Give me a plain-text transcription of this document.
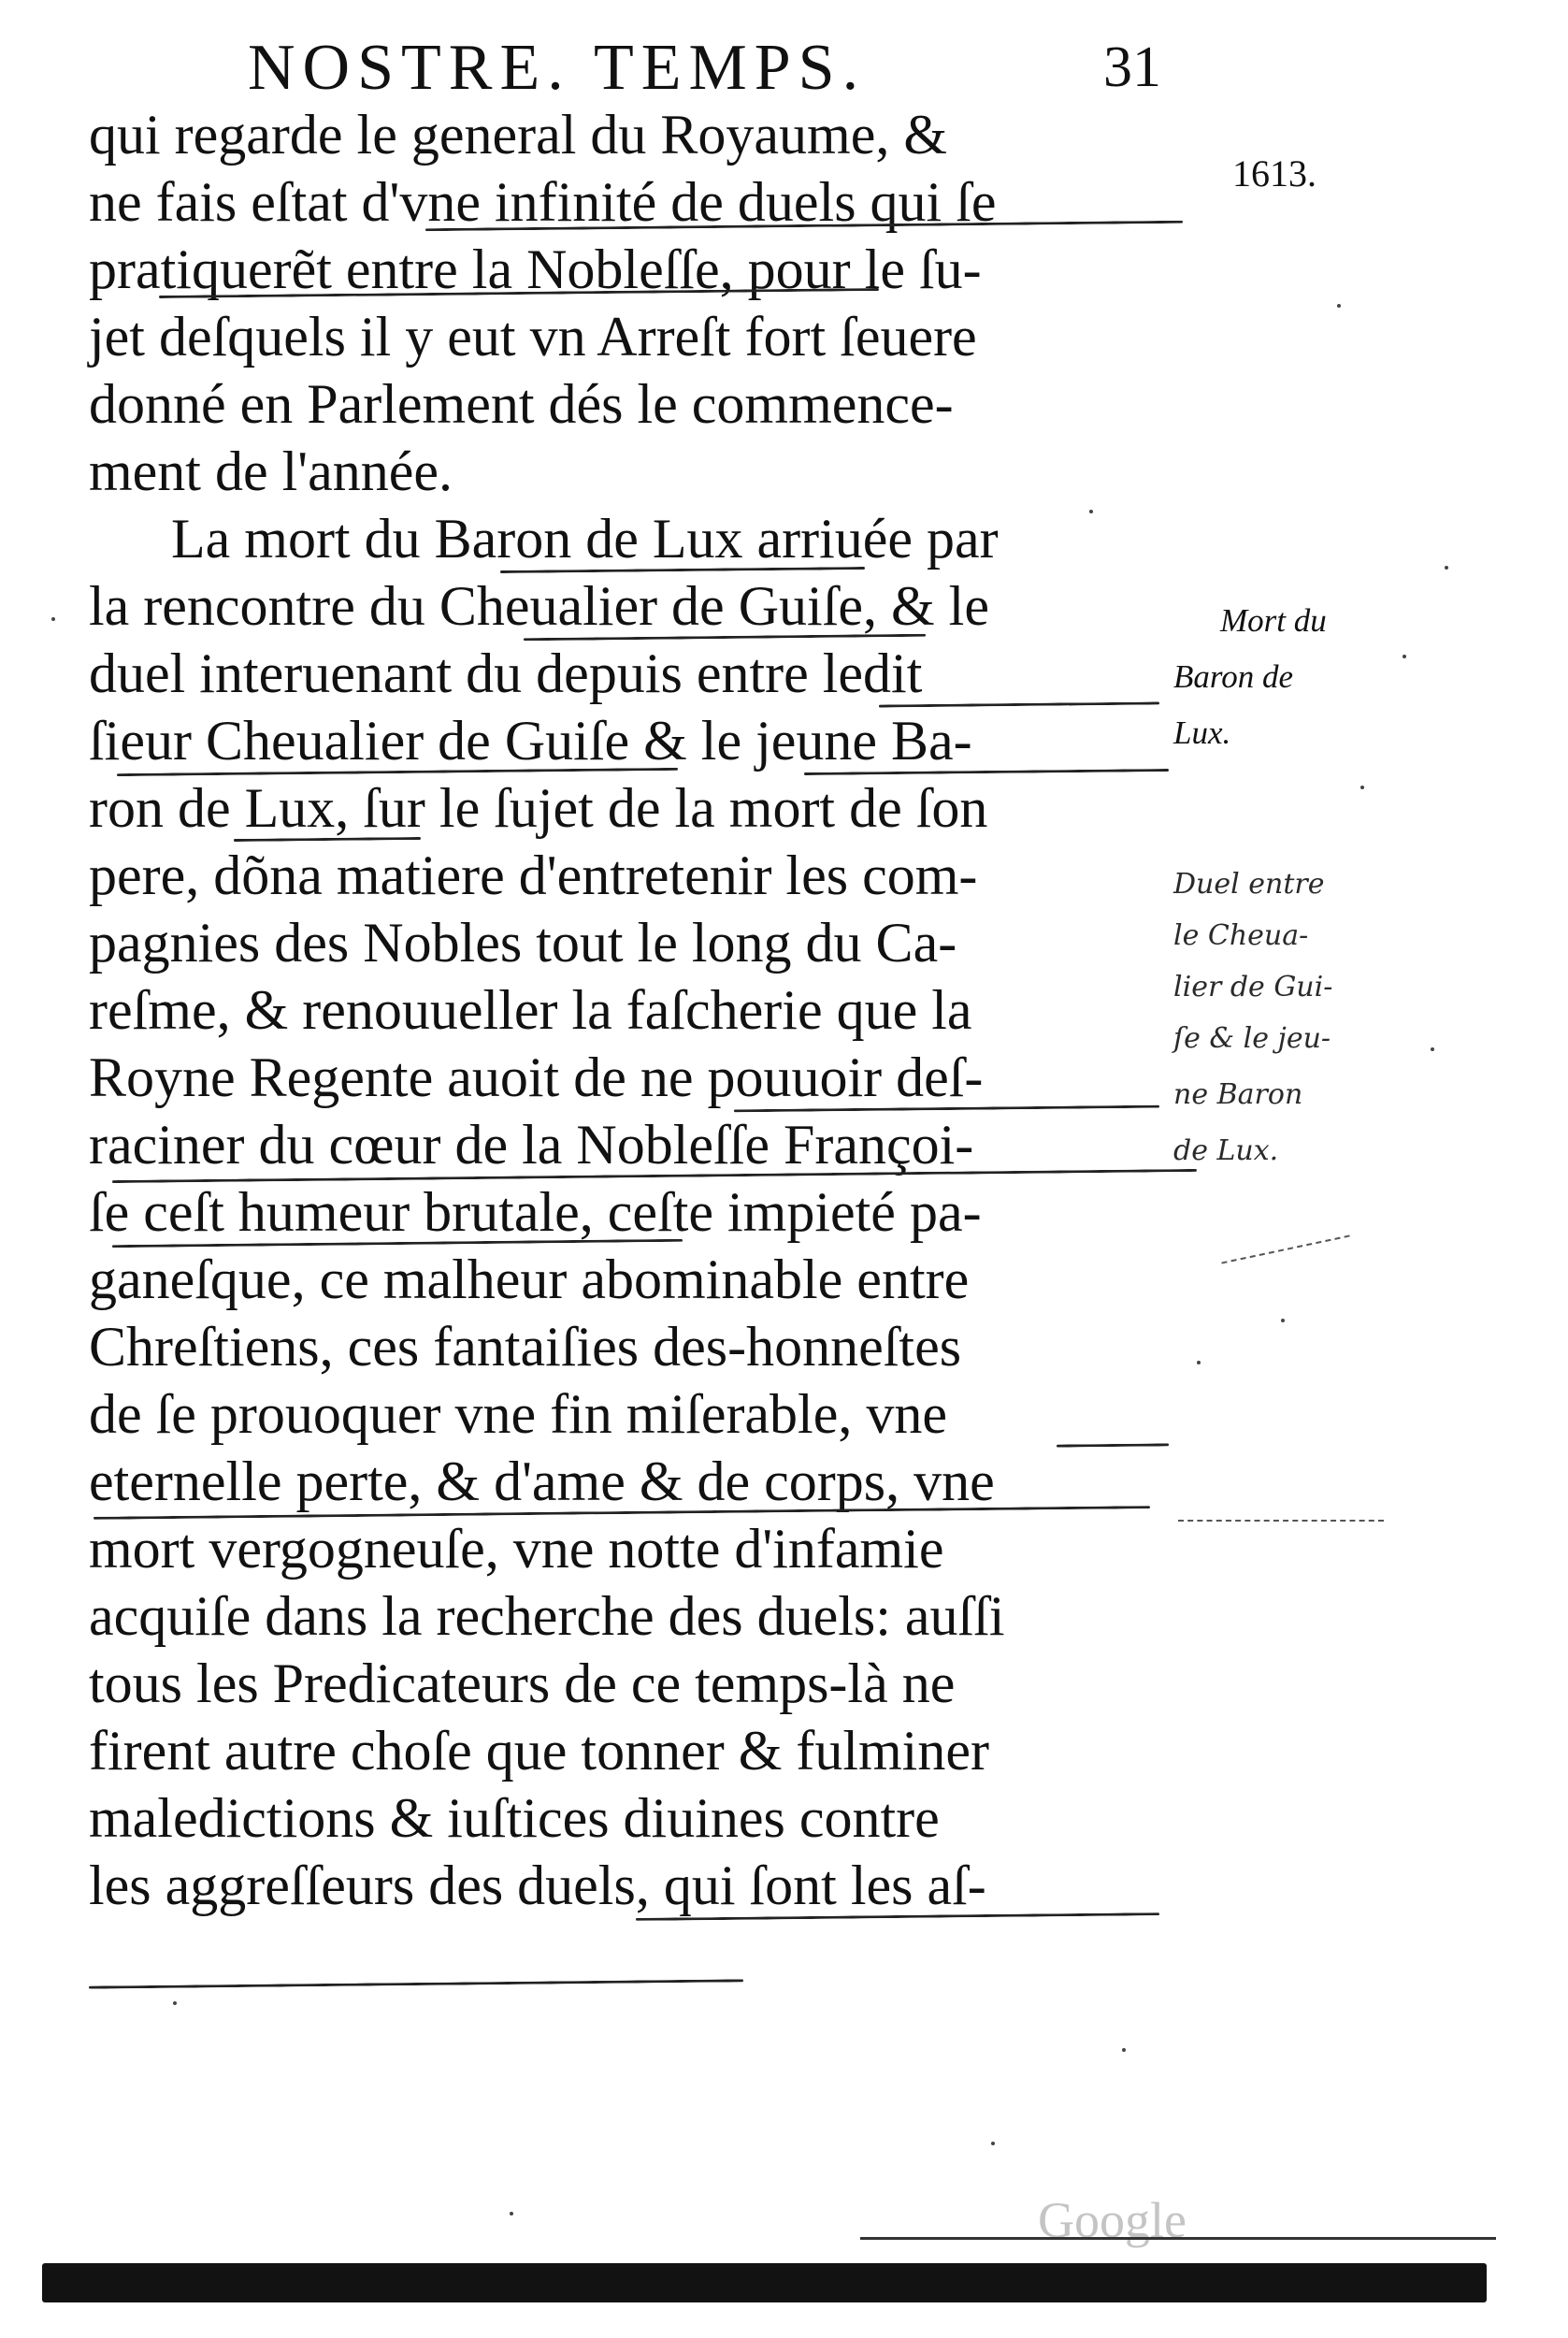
NOSTRE. TEMPS.	31
1613.
qui regarde le general du Royaume, &
ne fais eſtat d'vne infinité de duels qui ſe
pratiquerẽt entre la Nobleſſe, pour le ſu-
jet deſquels il y eut vn Arreſt fort ſeuere
donné en Parlement dés le commence-
ment de l'année.
La mort du Baron de Lux arriuée par
la rencontre du Cheualier de Guiſe, & le
duel interuenant du depuis entre ledit
ſieur Cheualier de Guiſe & le jeune Ba-
ron de Lux, ſur le ſujet de la mort de ſon
pere, dõna matiere d'entretenir les com-
pagnies des Nobles tout le long du Ca-
reſme, & renouueller la faſcherie que la
Royne Regente auoit de ne pouuoir deſ-
raciner du cœur de la Nobleſſe Françoi-
ſe ceſt humeur brutale, ceſte impieté pa-
ganeſque, ce malheur abominable entre
Chreſtiens, ces fantaiſies des-honneſtes
de ſe prouoquer vne fin miſerable, vne
eternelle perte, & d'ame & de corps, vne
mort vergogneuſe, vne notte d'infamie
acquiſe dans la recherche des duels: auſſi
tous les Predicateurs de ce temps-là ne
firent autre choſe que tonner & fulminer
maledictions & iuſtices diuines contre
les aggreſſeurs des duels, qui ſont les aſ-
Mort du
Baron de
Lux.
Duel entre
le Cheua-
lier de Gui-
ſe & le jeu-
ne Baron
de Lux.
Google
